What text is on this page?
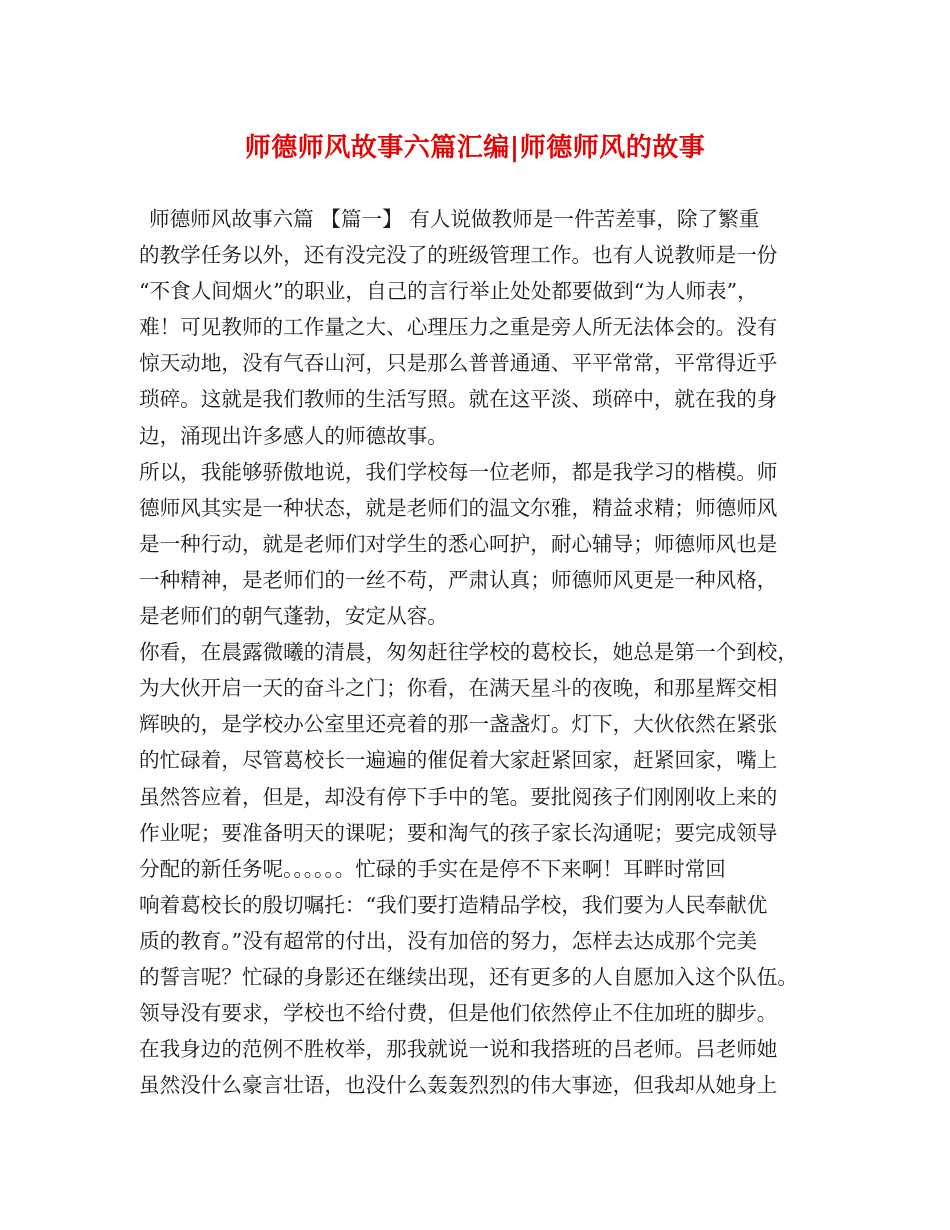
师德师风故事六篇汇编|师德师风的故事
师德师风故事六篇 【篇一】 有人说做教师是一件苦差事，除了繁重
的教学任务以外，还有没完没了的班级管理工作。也有人说教师是一份
“不食人间烟火”的职业，自己的言行举止处处都要做到“为人师表”，
难！可见教师的工作量之大、心理压力之重是旁人所无法体会的。没有
惊天动地，没有气吞山河，只是那么普普通通、平平常常，平常得近乎
琐碎。这就是我们教师的生活写照。就在这平淡、琐碎中，就在我的身
边，涌现出许多感人的师德故事。
所以，我能够骄傲地说，我们学校每一位老师，都是我学习的楷模。师
德师风其实是一种状态，就是老师们的温文尔雅，精益求精；师德师风
是一种行动，就是老师们对学生的悉心呵护，耐心辅导；师德师风也是
一种精神，是老师们的一丝不苟，严肃认真；师德师风更是一种风格，
是老师们的朝气蓬勃，安定从容。
你看，在晨露微曦的清晨，匆匆赶往学校的葛校长，她总是第一个到校，
为大伙开启一天的奋斗之门；你看，在满天星斗的夜晚，和那星辉交相
辉映的，是学校办公室里还亮着的那一盏盏灯。灯下，大伙依然在紧张
的忙碌着，尽管葛校长一遍遍的催促着大家赶紧回家，赶紧回家，嘴上
虽然答应着，但是，却没有停下手中的笔。要批阅孩子们刚刚收上来的
作业呢；要准备明天的课呢；要和淘气的孩子家长沟通呢；要完成领导
分配的新任务呢。。。。。。忙碌的手实在是停不下来啊！耳畔时常回
响着葛校长的殷切嘱托：“我们要打造精品学校，我们要为人民奉献优
质的教育。”没有超常的付出，没有加倍的努力，怎样去达成那个完美
的誓言呢？忙碌的身影还在继续出现，还有更多的人自愿加入这个队伍。
领导没有要求，学校也不给付费，但是他们依然停止不住加班的脚步。
在我身边的范例不胜枚举，那我就说一说和我搭班的吕老师。吕老师她
虽然没什么豪言壮语，也没什么轰轰烈烈的伟大事迹，但我却从她身上
